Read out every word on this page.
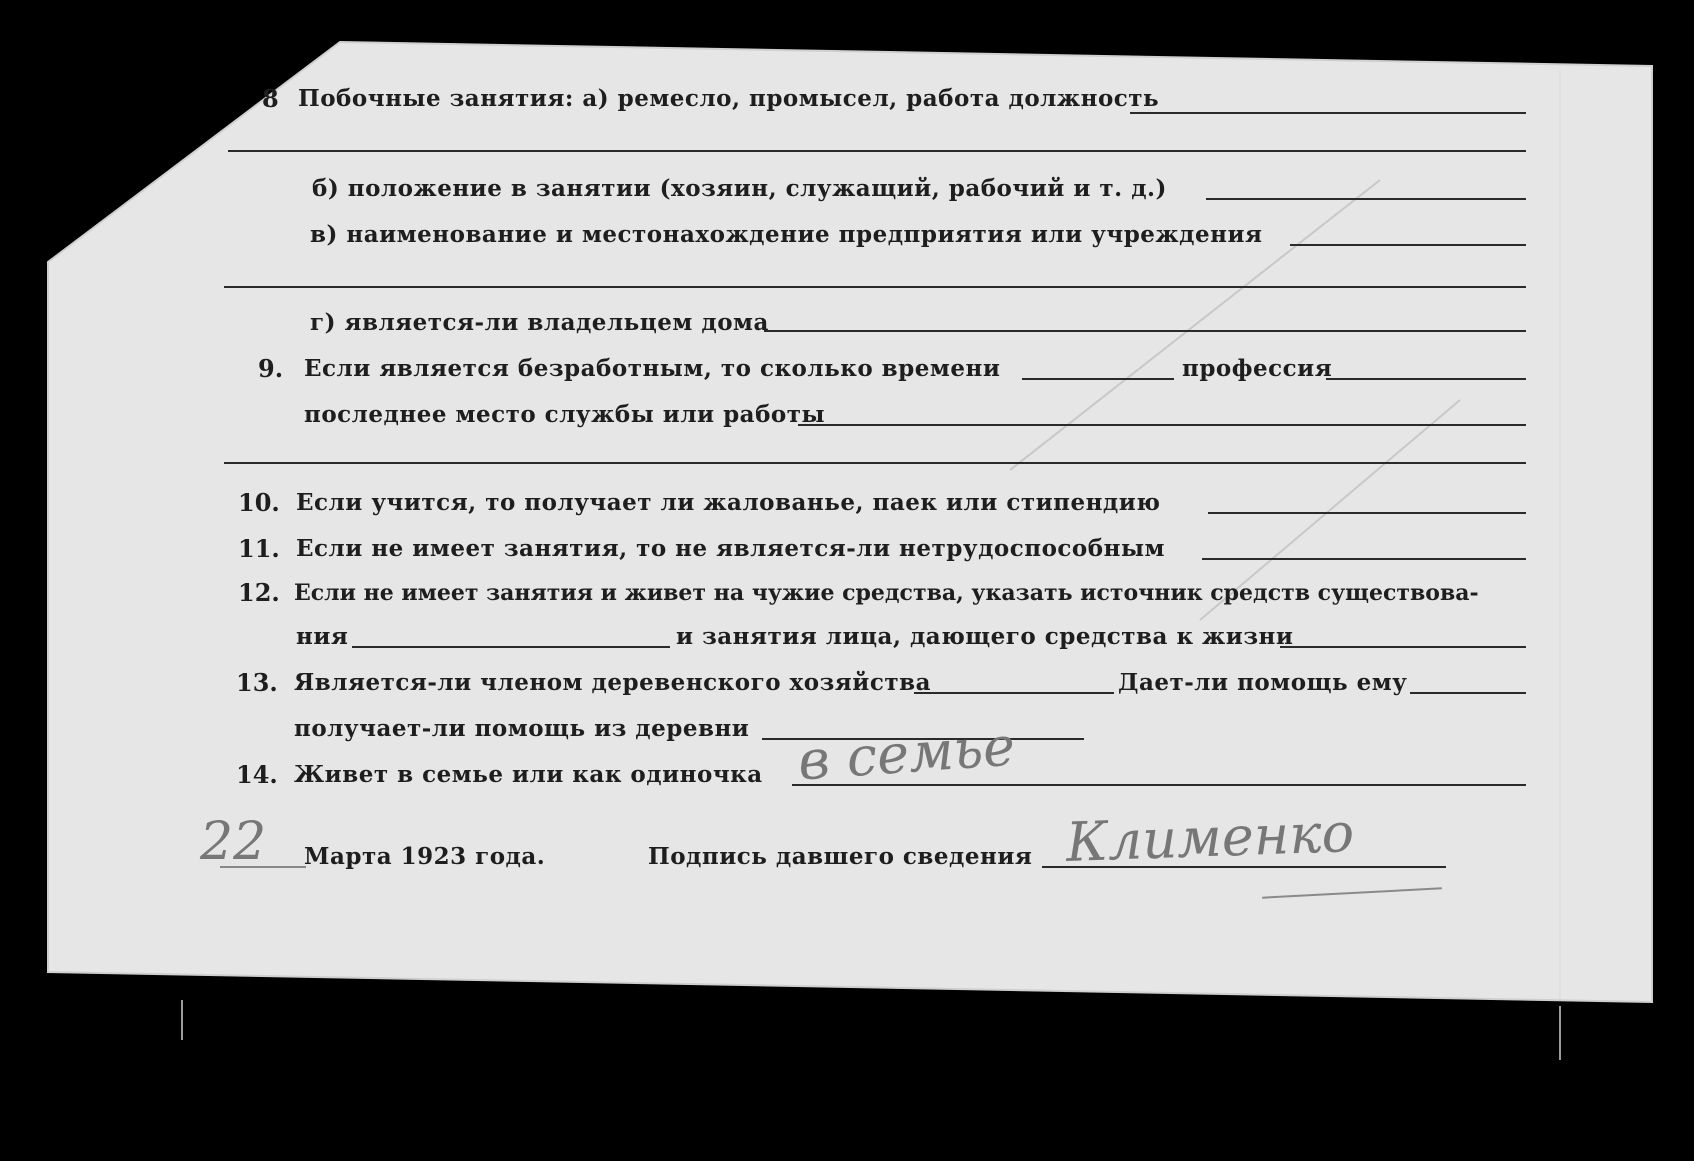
8 Побочные занятия: а) ремесло, промысел, работа должность
б) положение в занятии (хозяин, служащий, рабочий и т. д.)
в) наименование и местонахождение предприятия или учреждения
г) является-ли владельцем дома
9. Если является безработным, то сколько времени	профессия
последнее место службы или работы
10. Если учится, то получает ли жалованье, паек или стипендию
11. Если не имеет занятия, то не является-ли нетрудоспособным
12. Если не имеет занятия и живет на чужие средства, указать источник средств существова-
ния	и занятия лица, дающего средства к жизни
13. Является-ли членом деревенского хозяйства	Дает-ли помощь ему
получает-ли помощь из деревни
14. Живет в семье или как одиночка в семье
22 Марта 1923 года.	Подпись давшего сведения Клименко
